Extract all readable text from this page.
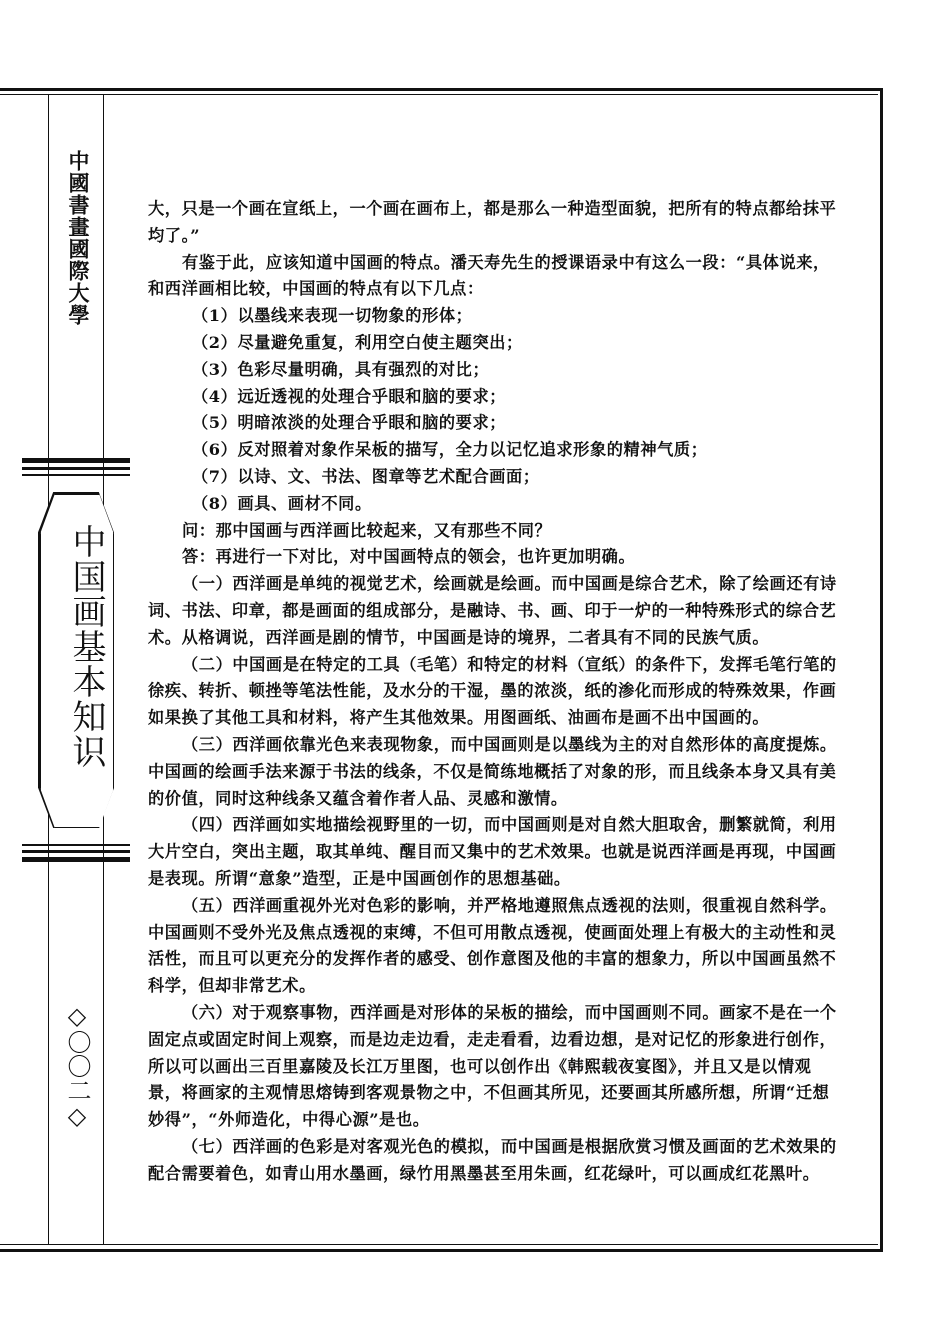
中國書畫國際大學
中国画基本知识
◇〇〇二◇

大，只是一个画在宣纸上，一个画在画布上，都是那么一种造型面貌，把所有的特点都给抹平均了。”

有鉴于此，应该知道中国画的特点。潘天寿先生的授课语录中有这么一段：“具体说来，和西洋画相比较，中国画的特点有以下几点：

（1）以墨线来表现一切物象的形体；

（2）尽量避免重复，利用空白使主题突出；

（3）色彩尽量明确，具有强烈的对比；

（4）远近透视的处理合乎眼和脑的要求；

（5）明暗浓淡的处理合乎眼和脑的要求；

（6）反对照着对象作呆板的描写，全力以记忆追求形象的精神气质；

（7）以诗、文、书法、图章等艺术配合画面；

（8）画具、画材不同。

问：那中国画与西洋画比较起来，又有那些不同？

答：再进行一下对比，对中国画特点的领会，也许更加明确。

（一）西洋画是单纯的视觉艺术，绘画就是绘画。而中国画是综合艺术，除了绘画还有诗词、书法、印章，都是画面的组成部分，是融诗、书、画、印于一炉的一种特殊形式的综合艺术。从格调说，西洋画是剧的情节，中国画是诗的境界，二者具有不同的民族气质。

（二）中国画是在特定的工具（毛笔）和特定的材料（宣纸）的条件下，发挥毛笔行笔的徐疾、转折、顿挫等笔法性能，及水分的干湿，墨的浓淡，纸的渗化而形成的特殊效果，作画如果换了其他工具和材料，将产生其他效果。用图画纸、油画布是画不出中国画的。

（三）西洋画依靠光色来表现物象，而中国画则是以墨线为主的对自然形体的高度提炼。中国画的绘画手法来源于书法的线条，不仅是简练地概括了对象的形，而且线条本身又具有美的价值，同时这种线条又蕴含着作者人品、灵感和激情。

（四）西洋画如实地描绘视野里的一切，而中国画则是对自然大胆取舍，删繁就简，利用大片空白，突出主题，取其单纯、醒目而又集中的艺术效果。也就是说西洋画是再现，中国画是表现。所谓“意象”造型，正是中国画创作的思想基础。

（五）西洋画重视外光对色彩的影响，并严格地遵照焦点透视的法则，很重视自然科学。中国画则不受外光及焦点透视的束缚，不但可用散点透视，使画面处理上有极大的主动性和灵活性，而且可以更充分的发挥作者的感受、创作意图及他的丰富的想象力，所以中国画虽然不科学，但却非常艺术。

（六）对于观察事物，西洋画是对形体的呆板的描绘，而中国画则不同。画家不是在一个固定点或固定时间上观察，而是边走边看，走走看看，边看边想，是对记忆的形象进行创作，所以可以画出三百里嘉陵及长江万里图，也可以创作出《韩熙载夜宴图》，并且又是以情观景，将画家的主观情思熔铸到客观景物之中，不但画其所见，还要画其所感所想，所谓“迁想妙得”，“外师造化，中得心源”是也。

（七）西洋画的色彩是对客观光色的模拟，而中国画是根据欣赏习惯及画面的艺术效果的配合需要着色，如青山用水墨画，绿竹用黑墨甚至用朱画，红花绿叶，可以画成红花黑叶。
